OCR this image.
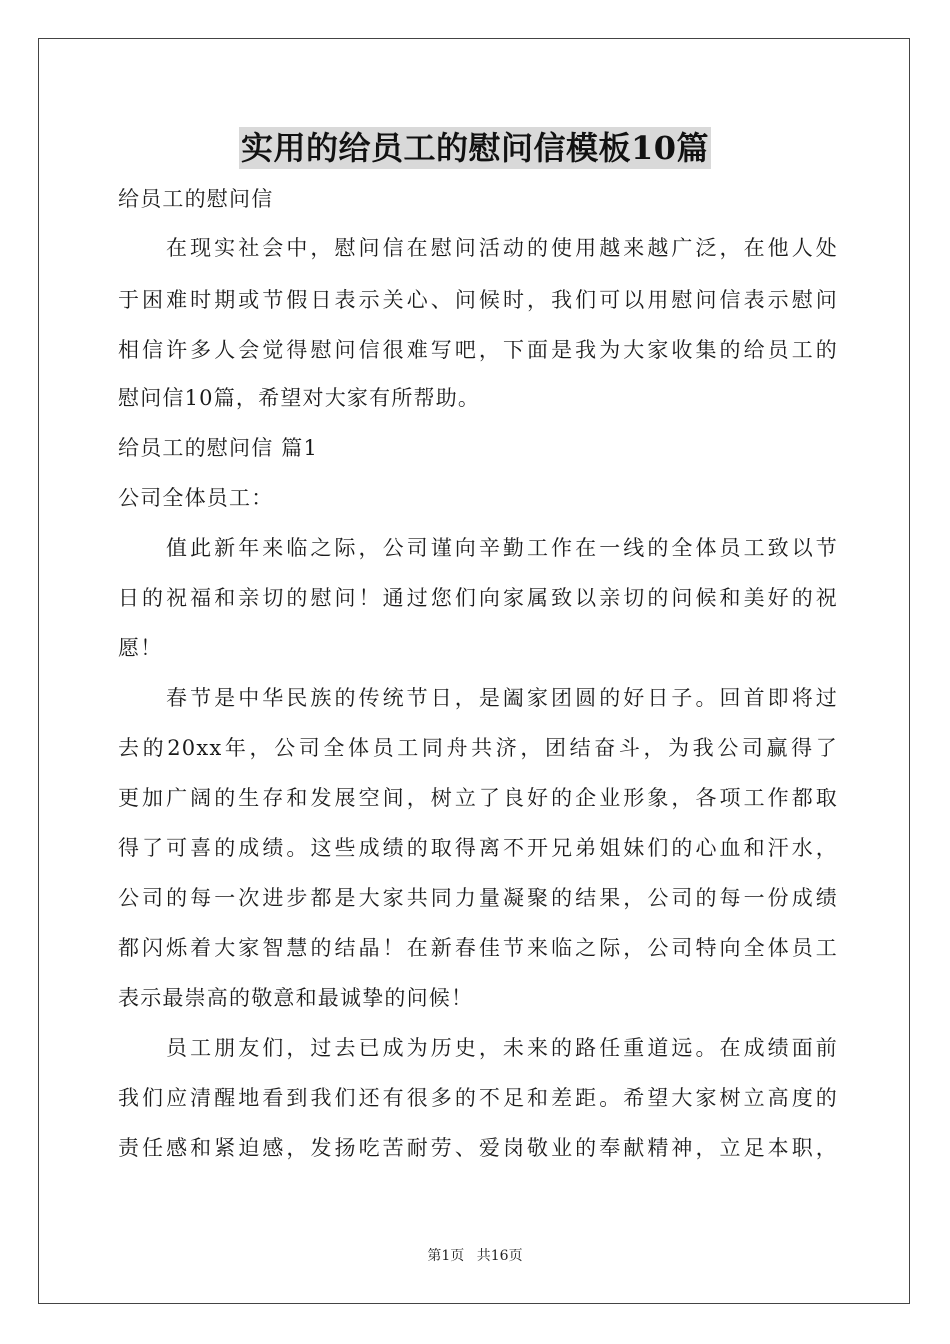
实用的给员工的慰问信模板10篇
给员工的慰问信
在现实社会中，慰问信在慰问活动的使用越来越广泛，在他人处
于困难时期或节假日表示关心、问候时，我们可以用慰问信表示慰问
相信许多人会觉得慰问信很难写吧，下面是我为大家收集的给员工的
慰问信10篇，希望对大家有所帮助。
给员工的慰问信 篇1
公司全体员工：
值此新年来临之际，公司谨向辛勤工作在一线的全体员工致以节
日的祝福和亲切的慰问！通过您们向家属致以亲切的问候和美好的祝
愿！
春节是中华民族的传统节日，是阖家团圆的好日子。回首即将过
去的20xx年，公司全体员工同舟共济，团结奋斗，为我公司赢得了
更加广阔的生存和发展空间，树立了良好的企业形象，各项工作都取
得了可喜的成绩。这些成绩的取得离不开兄弟姐妹们的心血和汗水，
公司的每一次进步都是大家共同力量凝聚的结果，公司的每一份成绩
都闪烁着大家智慧的结晶！在新春佳节来临之际，公司特向全体员工
表示最崇高的敬意和最诚挚的问候！
员工朋友们，过去已成为历史，未来的路任重道远。在成绩面前
我们应清醒地看到我们还有很多的不足和差距。希望大家树立高度的
责任感和紧迫感，发扬吃苦耐劳、爱岗敬业的奉献精神，立足本职，
第1页 共16页
